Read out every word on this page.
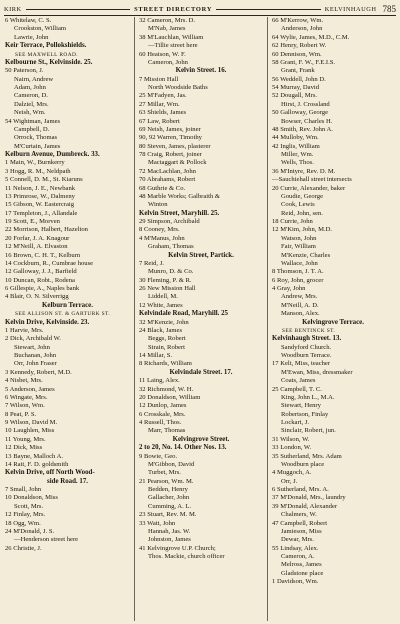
KIRK	STREET DIRECTORY	KELVINHAUGH 785
6 Whitelaw, C. S.
Crookston, William
Lawrie, John
Keir Terrace, Pollokshields.
SEE MAXWELL ROAD.
Kelbourne St., Kelvinside. 25.
50 Paterson, J.
Nairn, Andrew
Adam, John
Cameron, D.
Dalziel, Mrs.
Neish, Wm.
54 Wightman, James
Campbell, D.
Orrock, Thomas
M'Curtain, James
Kelburn Avenue, Dumbreck. 33.
1 Main, W., Burnkerry
3 Hogg, R. M., Neldpath
5 Connell, D. M., St. Kiaruns
11 Nelson, J. E., Newbank
13 Primrose, W., Dalmeny
15 Gibson, W. Eastercraig
17 Templeton, J., Allandale
19 Scott, E., Morven
22 Morrison, Halbert, Hazelton
20 Forfar, J. A. Knagour
12 M'Neill, A. Elvaston
16 Brown, C. H. T., Kelburn
14 Cockburn, R., Cumbrae house
12 Galloway, J. J., Barfield
10 Duncan, Robt., Rodena
6 Gillespie, A., Naples bank
4 Blair, O. N. Silverrigg
Kelburn Terrace.
SEE ALLISON ST. & GARTURK ST.
Kelvin Drive, Kelvinside. 23.
1 Harvie, Mrs.
2 Dick, Archibald W.
Stewart, John
Buchanan, John
Orr, John Fraser
3 Kennedy, Robert, M.D.
4 Nisbet, Mrs.
5 Anderson, James
6 Wingate, Mrs.
7 Wilson, Wm.
8 Peat, P. S.
9 Wilson, David M.
10 Laughlen, Miss
11 Young, Mrs.
12 Dick, Miss
13 Bayne, Malloch A.
14 Rait, F. D. goldsmith
Kelvin Drive, off North Wood-
side Road. 17.
7 Small, John
10 Donaldson, Miss
Scott, Mrs.
12 Finlay, Mrs.
18 Ogg, Wm.
24 M'Donald, J. S.
—Henderson street here
26 Christie, J.
32 Cameron, Mrs. D.
M'Nab, James
38 M'Lauchlan, William
—Tillie street here
60 Heatson, W. F.
Cameron, John
Kelvin Street. 16.
7 Mission Hall
North Woodside Baths
25 M'Fadyen, Jas.
27 Millar, Wm.
63 Shields, James
67 Law, Robert
69 Neish, James, joiner
90, 92 Warren, Timothy
80 Steven, James, plasterer
78 Craig, Robert, joiner
Mactaggart & Pollock
72 MacLachlan, John
70 Abrahams, Robert
68 Guthrie & Co.
48 Marble Works; Galbraith &
Winton
Kelvin Street, Maryhill. 25.
29 Simpson, Archibald
8 Cooney, Mrs.
4 M'Manus, John
Graham, Thomas
Kelvin Street, Partick.
7 Reid, J.
Munro, D. & Co.
30 Fleming, P. & R.
26 New Mission Hall
Liddell, M.
12 White, James
Kelvindale Road, Maryhill. 25
32 M'Kenzie, John
24 Black, James
Beggs, Robert
Strain, Robert
14 Millar, S.
8 Richards, William
Kelvindale Street. 17.
11 Laing, Alex.
32 Richmond, W. H.
20 Donaldson, William
12 Dunlop, James
6 Crosskale, Mrs.
4 Russell, Thos.
Marr, Thomas
Kelvingrove Street.
2 to 20, No. 14. Other Nos. 13.
9 Bowie, Geo.
M'Gibbon, David
Turbet, Mrs.
21 Pearson, Wm. M.
Bedden, Henry
Gallacher, John
Cumming, A. L.
23 Stuart, Rev. M. M.
33 Watt, John
Hannah, Jas. W.
Johnston, James
41 Kelvingrove U.P. Church;
Thos. Mackie, church officer
66 M'Kerrow, Wm.
Anderson, John
64 Wylie, James, M.D., C.M.
62 Henry, Robert W.
60 Dennison, Wm.
58 Grant, F. W., F.E.I.S.
Grant, Frank
56 Weddell, John D.
54 Murray, David
52 Dougall, Mrs.
Hirst, J. Crossland
50 Galloway, George
Bowser, Charles H.
48 Smith, Rev. John A.
44 Mulloby, Wm.
42 Inglis, William
Miller, Wm.
Wells, Thos.
36 M'Intyre, Rev. D. M.
—Sauchiehall street intersects
20 Currie, Alexander, baker
Goudie, George
Cook, Lewis
Reid, John, sen.
18 Currie, John
12 M'Kim, John, M.D.
Watson, John
Fair, William
M'Kenzie, Charles
Wallace, John
8 Thomson, J. T. A.
6 Roy, John, grocer
4 Gray, John
Andrew, Mrs.
M'Neill, A. D.
Manson, Alex.
Kelvingrove Terrace.
SEE BENTINCK ST.
Kelvinhaugh Street. 13.
Sandyford Church.
Woodburn Terrace.
17 Kelt, Miss, teacher
M'Ewan, Miss, dressmaker
Coats, James
25 Campbell, T. C.
King, John L., M.A.
Stewart, Henry
Robertson, Finlay
Lockart, J.
Sinclair, Robert, jun.
31 Wilson, W.
33 London, W.
35 Sutherland, Mrs. Adam
Woodburn place
4 Muggoch, A.
Orr, J.
6 Sutherland, Mrs. A.
37 M'Donald, Mrs., laundry
39 M'Donald, Alexander
Chalmers, W.
47 Campbell, Robert
Jamieson, Miss
Dewar, Mrs.
55 Lindsay, Alex.
Cameron, A.
Melross, James
Gladstone place
1 Davidson, Wm.
